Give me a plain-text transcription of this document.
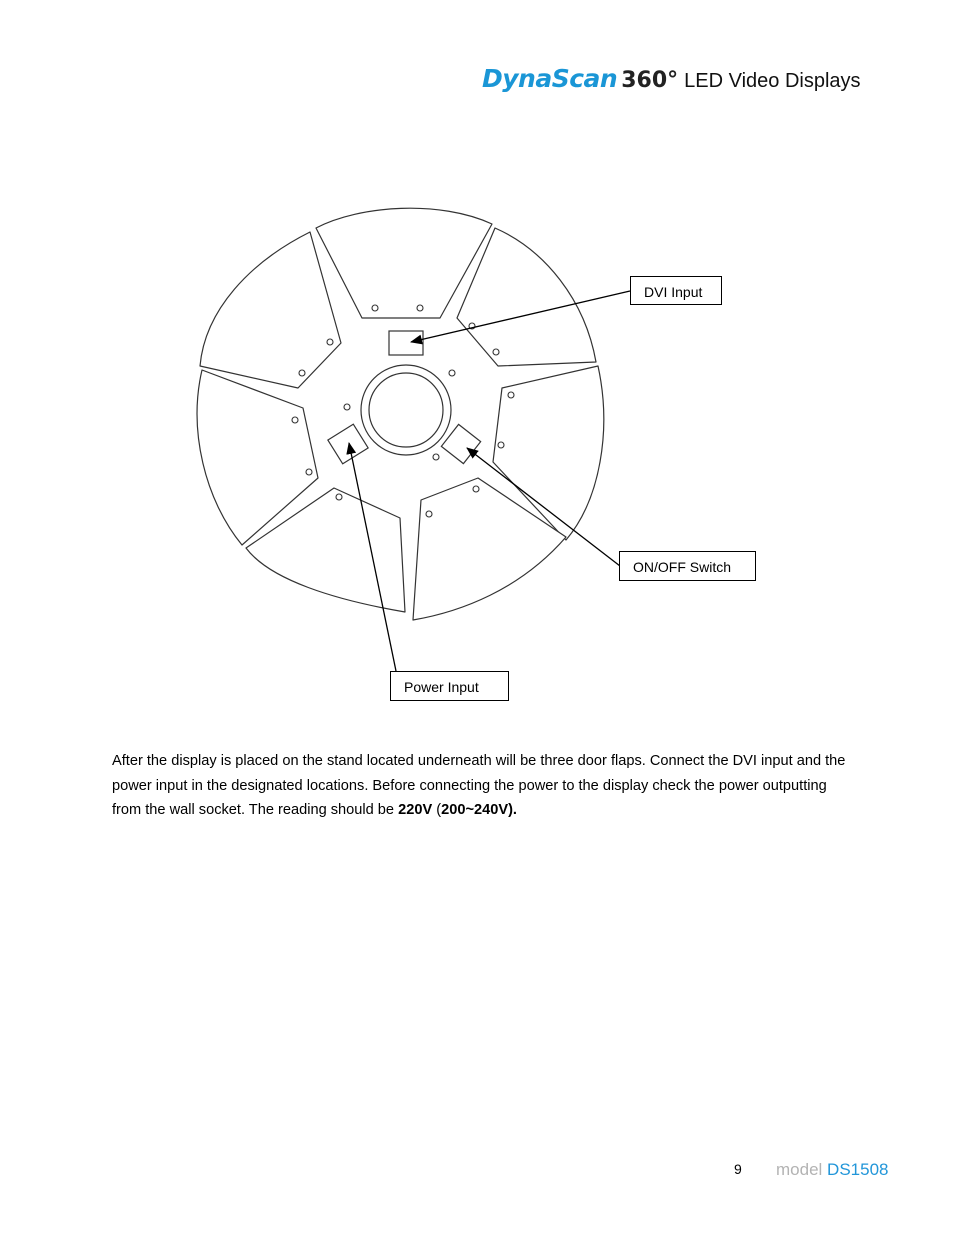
DynaScan 360° LED Video Displays
DVI Input
ON/OFF Switch
Power Input

After the display is placed on the stand located underneath will be three door flaps. Connect the DVI input and the power input in the designated locations. Before connecting the power to the display check the power outputting from the wall socket. The reading should be 220V (200~240V).

9 model DS1508
